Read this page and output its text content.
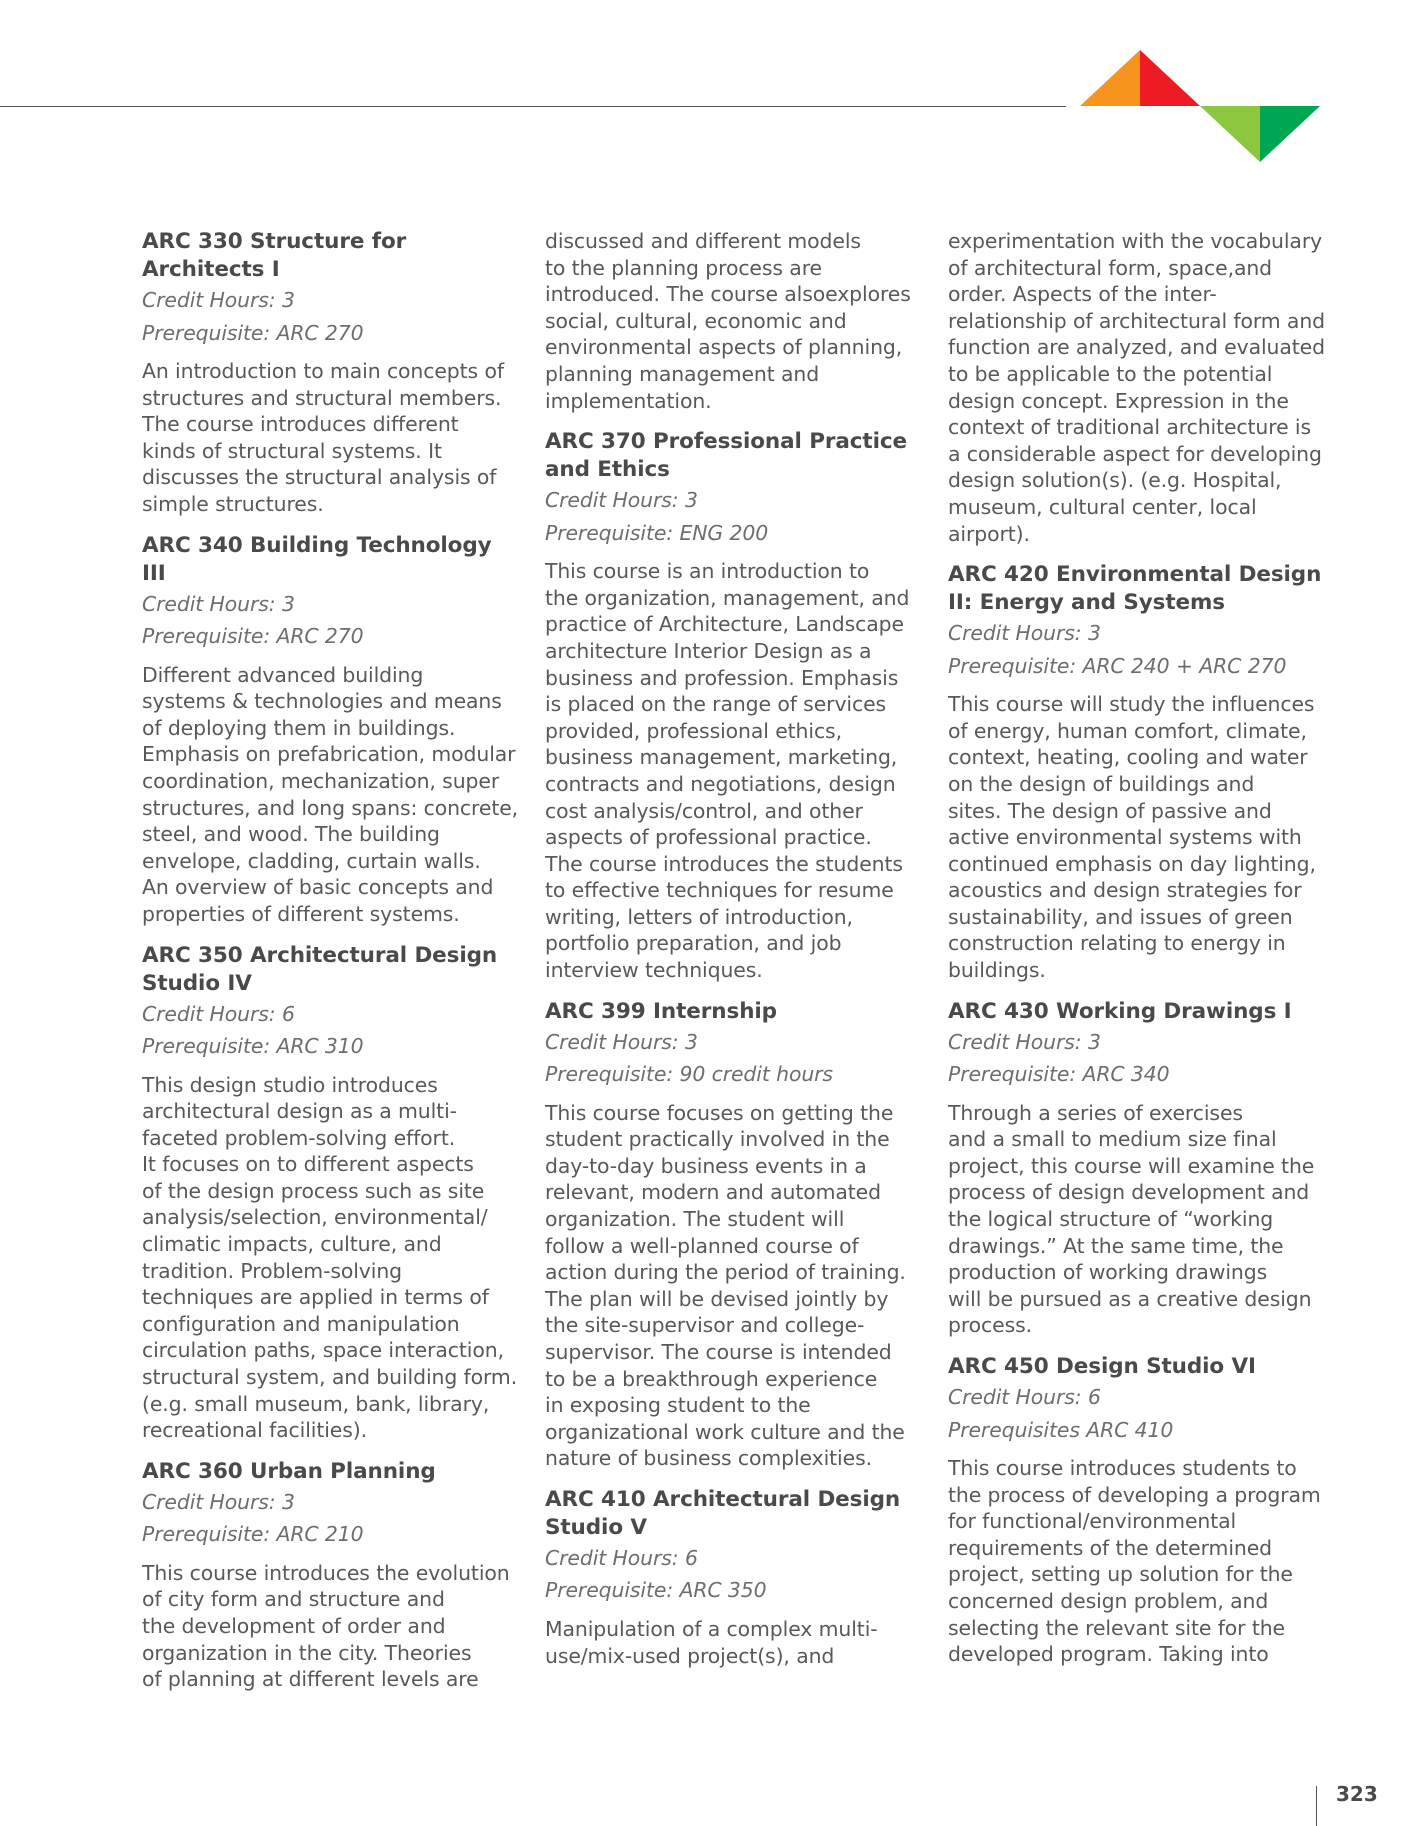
ARC 330 Structure for
Architects I
Credit Hours: 3
Prerequisite: ARC 270
An introduction to main concepts of
structures and structural members.
The course introduces different
kinds of structural systems. It
discusses the structural analysis of
simple structures.
ARC 340 Building Technology III
Credit Hours: 3
Prerequisite: ARC 270
Different advanced building
systems & technologies and means
of deploying them in buildings.
Emphasis on prefabrication, modular
coordination, mechanization, super
structures, and long spans: concrete,
steel, and wood. The building
envelope, cladding, curtain walls.
An overview of basic concepts and
properties of different systems.
ARC 350 Architectural Design
Studio IV
Credit Hours: 6
Prerequisite: ARC 310
This design studio introduces
architectural design as a multi-
faceted problem-solving effort.
It focuses on to different aspects
of the design process such as site
analysis/selection, environmental/
climatic impacts, culture, and
tradition. Problem-solving
techniques are applied in terms of
configuration and manipulation
circulation paths, space interaction,
structural system, and building form.
(e.g. small museum, bank, library,
recreational facilities).
ARC 360 Urban Planning
Credit Hours: 3
Prerequisite: ARC 210
This course introduces the evolution
of city form and structure and
the development of order and
organization in the city. Theories
of planning at different levels are
discussed and different models
to the planning process are
introduced. The course alsoexplores
social, cultural, economic and
environmental aspects of planning,
planning management and
implementation.
ARC 370 Professional Practice
and Ethics
Credit Hours: 3
Prerequisite: ENG 200
This course is an introduction to
the organization, management, and
practice of Architecture, Landscape
architecture Interior Design as a
business and profession. Emphasis
is placed on the range of services
provided, professional ethics,
business management, marketing,
contracts and negotiations, design
cost analysis/control, and other
aspects of professional practice.
The course introduces the students
to effective techniques for resume
writing, letters of introduction,
portfolio preparation, and job
interview techniques.
ARC 399 Internship
Credit Hours: 3
Prerequisite: 90 credit hours
This course focuses on getting the
student practically involved in the
day-to-day business events in a
relevant, modern and automated
organization. The student will
follow a well-planned course of
action during the period of training.
The plan will be devised jointly by
the site-supervisor and college-
supervisor. The course is intended
to be a breakthrough experience
in exposing student to the
organizational work culture and the
nature of business complexities.
ARC 410 Architectural Design
Studio V
Credit Hours: 6
Prerequisite: ARC 350
Manipulation of a complex multi-
use/mix-used project(s), and
experimentation with the vocabulary
of architectural form, space,and
order. Aspects of the inter-
relationship of architectural form and
function are analyzed, and evaluated
to be applicable to the potential
design concept. Expression in the
context of traditional architecture is
a considerable aspect for developing
design solution(s). (e.g. Hospital,
museum, cultural center, local
airport).
ARC 420 Environmental Design
II: Energy and Systems
Credit Hours: 3
Prerequisite: ARC 240 + ARC 270
This course will study the influences
of energy, human comfort, climate,
context, heating, cooling and water
on the design of buildings and
sites. The design of passive and
active environmental systems with
continued emphasis on day lighting,
acoustics and design strategies for
sustainability, and issues of green
construction relating to energy in
buildings.
ARC 430 Working Drawings I
Credit Hours: 3
Prerequisite: ARC 340
Through a series of exercises
and a small to medium size final
project, this course will examine the
process of design development and
the logical structure of “working
drawings.” At the same time, the
production of working drawings
will be pursued as a creative design
process.
ARC 450 Design Studio VI
Credit Hours: 6
Prerequisites ARC 410
This course introduces students to
the process of developing a program
for functional/environmental
requirements of the determined
project, setting up solution for the
concerned design problem, and
selecting the relevant site for the
developed program. Taking into
323
